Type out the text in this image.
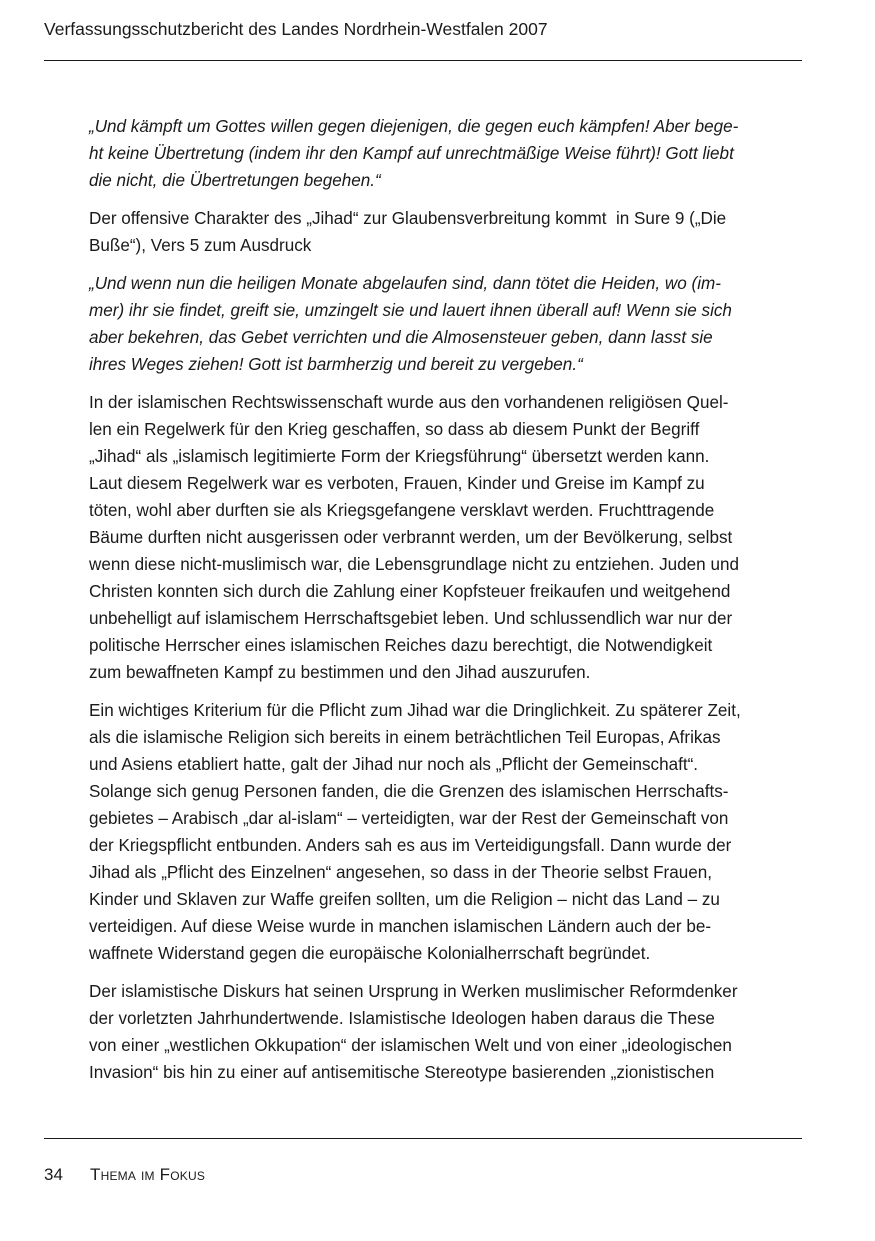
Verfassungsschutzbericht des Landes Nordrhein-Westfalen 2007

„Und kämpft um Gottes willen gegen diejenigen, die gegen euch kämpfen! Aber bege-
ht keine Übertretung (indem ihr den Kampf auf unrechtmäßige Weise führt)! Gott liebt
die nicht, die Übertretungen begehen.“

Der offensive Charakter des „Jihad“ zur Glaubensverbreitung kommt  in Sure 9 („Die
Buße“), Vers 5 zum Ausdruck

„Und wenn nun die heiligen Monate abgelaufen sind, dann tötet die Heiden, wo (im-
mer) ihr sie findet, greift sie, umzingelt sie und lauert ihnen überall auf! Wenn sie sich
aber bekehren, das Gebet verrichten und die Almosensteuer geben, dann lasst sie
ihres Weges ziehen! Gott ist barmherzig und bereit zu vergeben.“

In der islamischen Rechtswissenschaft wurde aus den vorhandenen religiösen Quel-
len ein Regelwerk für den Krieg geschaffen, so dass ab diesem Punkt der Begriff
„Jihad“ als „islamisch legitimierte Form der Kriegsführung“ übersetzt werden kann.
Laut diesem Regelwerk war es verboten, Frauen, Kinder und Greise im Kampf zu
töten, wohl aber durften sie als Kriegsgefangene versklavt werden. Fruchttragende
Bäume durften nicht ausgerissen oder verbrannt werden, um der Bevölkerung, selbst
wenn diese nicht-muslimisch war, die Lebensgrundlage nicht zu entziehen. Juden und
Christen konnten sich durch die Zahlung einer Kopfsteuer freikaufen und weitgehend
unbehelligt auf islamischem Herrschaftsgebiet leben. Und schlussendlich war nur der
politische Herrscher eines islamischen Reiches dazu berechtigt, die Notwendigkeit
zum bewaffneten Kampf zu bestimmen und den Jihad auszurufen.

Ein wichtiges Kriterium für die Pflicht zum Jihad war die Dringlichkeit. Zu späterer Zeit,
als die islamische Religion sich bereits in einem beträchtlichen Teil Europas, Afrikas
und Asiens etabliert hatte, galt der Jihad nur noch als „Pflicht der Gemeinschaft“.
Solange sich genug Personen fanden, die die Grenzen des islamischen Herrschafts-
gebietes – Arabisch „dar al-islam“ – verteidigten, war der Rest der Gemeinschaft von
der Kriegspflicht entbunden. Anders sah es aus im Verteidigungsfall. Dann wurde der
Jihad als „Pflicht des Einzelnen“ angesehen, so dass in der Theorie selbst Frauen,
Kinder und Sklaven zur Waffe greifen sollten, um die Religion – nicht das Land – zu
verteidigen. Auf diese Weise wurde in manchen islamischen Ländern auch der be-
waffnete Widerstand gegen die europäische Kolonialherrschaft begründet.

Der islamistische Diskurs hat seinen Ursprung in Werken muslimischer Reformdenker
der vorletzten Jahrhundertwende. Islamistische Ideologen haben daraus die These
von einer „westlichen Okkupation“ der islamischen Welt und von einer „ideologischen
Invasion“ bis hin zu einer auf antisemitische Stereotype basierenden „zionistischen

34	Thema im Fokus
